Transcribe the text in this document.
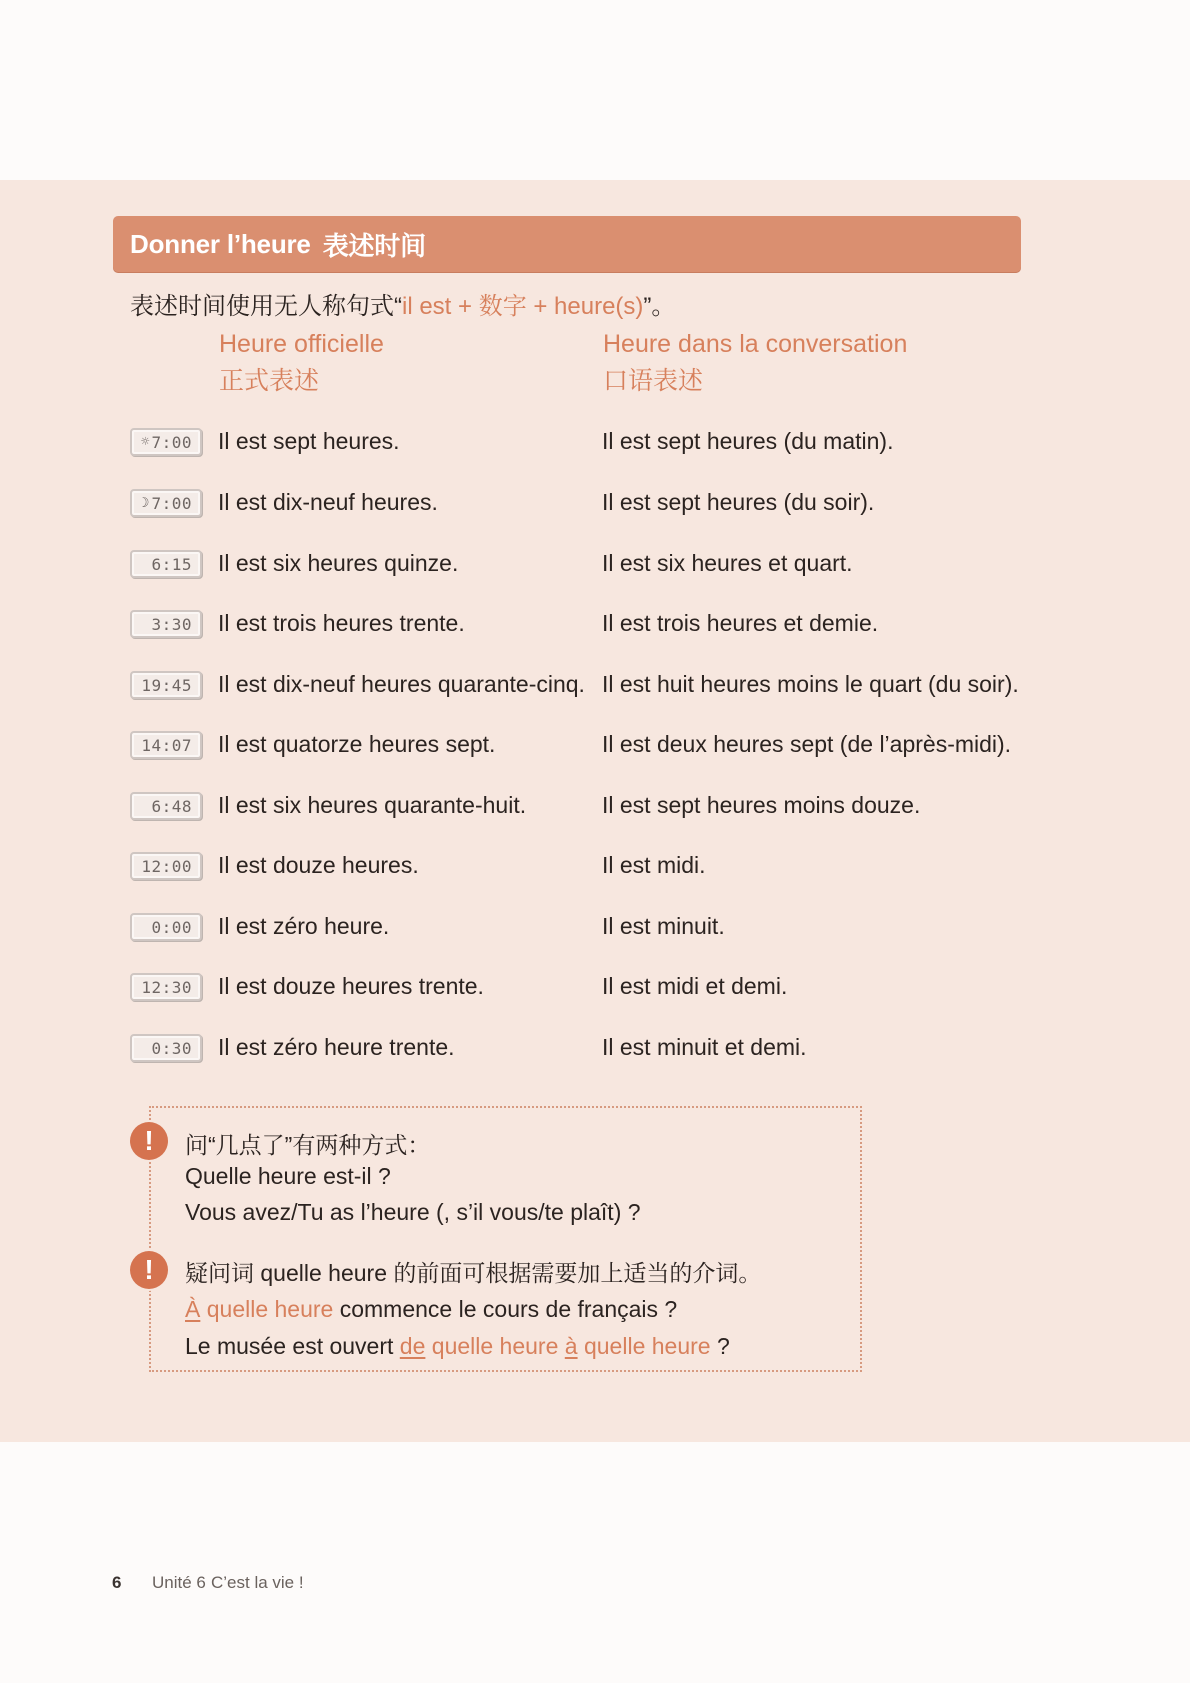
Donner l’heure 表述时间
表述时间使用无人称句式“il est + 数字 + heure(s)”。
Heure officielle
正式表述
Heure dans la conversation
口语表述
☼ 7:00 Il est sept heures.	Il est sept heures (du matin).
☽ 7:00 Il est dix-neuf heures.	Il est sept heures (du soir).
6:15	Il est six heures quinze.	Il est six heures et quart.
3:30	Il est trois heures trente.	Il est trois heures et demie.
19:45	Il est dix-neuf heures quarante-cinq. Il est huit heures moins le quart (du soir).
14:07	Il est quatorze heures sept.	Il est deux heures sept (de l’après-midi).
6:48	Il est six heures quarante-huit.	Il est sept heures moins douze.
12:00	Il est douze heures.	Il est midi.
0:00	Il est zéro heure.	Il est minuit.
12:30	Il est douze heures trente.	Il est midi et demi.
0:30	Il est zéro heure trente.	Il est minuit et demi.
!
!
问“几点了”有两种方式：
Quelle heure est-il ?
Vous avez/Tu as l’heure (, s’il vous/te plaît) ?
疑问词 quelle heure 的前面可根据需要加上适当的介词。
À quelle heure commence le cours de français ?
Le musée est ouvert de quelle heure à quelle heure ?
6 Unité 6 C’est la vie !
